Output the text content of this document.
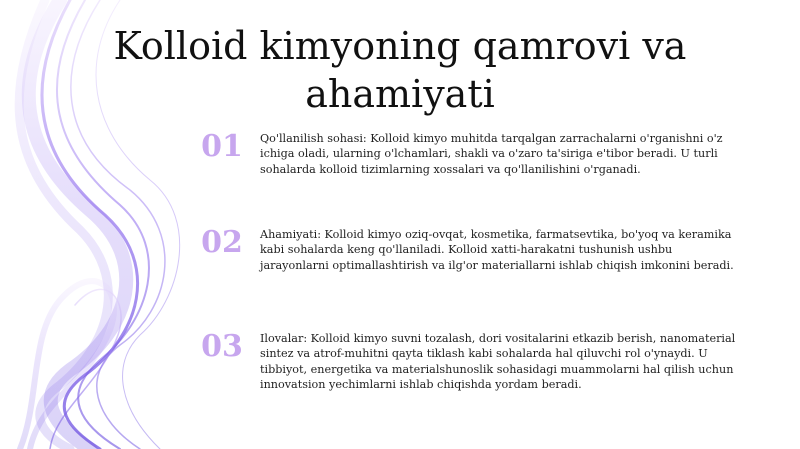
Kolloid kimyoning qamrovi va ahamiyati
01	Qo'llanilish sohasi: Kolloid kimyo muhitda tarqalgan zarrachalarni o'rganishni o'z ichiga oladi, ularning o'lchamlari, shakli va o'zaro ta'siriga e'tibor beradi. U turli sohalarda kolloid tizimlarning xossalari va qo'llanilishini o'rganadi.

02	Ahamiyati: Kolloid kimyo oziq-ovqat, kosmetika, farmatsevtika, bo'yoq va keramika kabi sohalarda keng qo'llaniladi. Kolloid xatti-harakatni tushunish ushbu jarayonlarni optimallashtirish va ilg'or materiallarni ishlab chiqish imkonini beradi.

03	Ilovalar: Kolloid kimyo suvni tozalash, dori vositalarini etkazib berish, nanomaterial sintez va atrof-muhitni qayta tiklash kabi sohalarda hal qiluvchi rol o'ynaydi. U tibbiyot, energetika va materialshunoslik sohasidagi muammolarni hal qilish uchun innovatsion yechimlarni ishlab chiqishda yordam beradi.
